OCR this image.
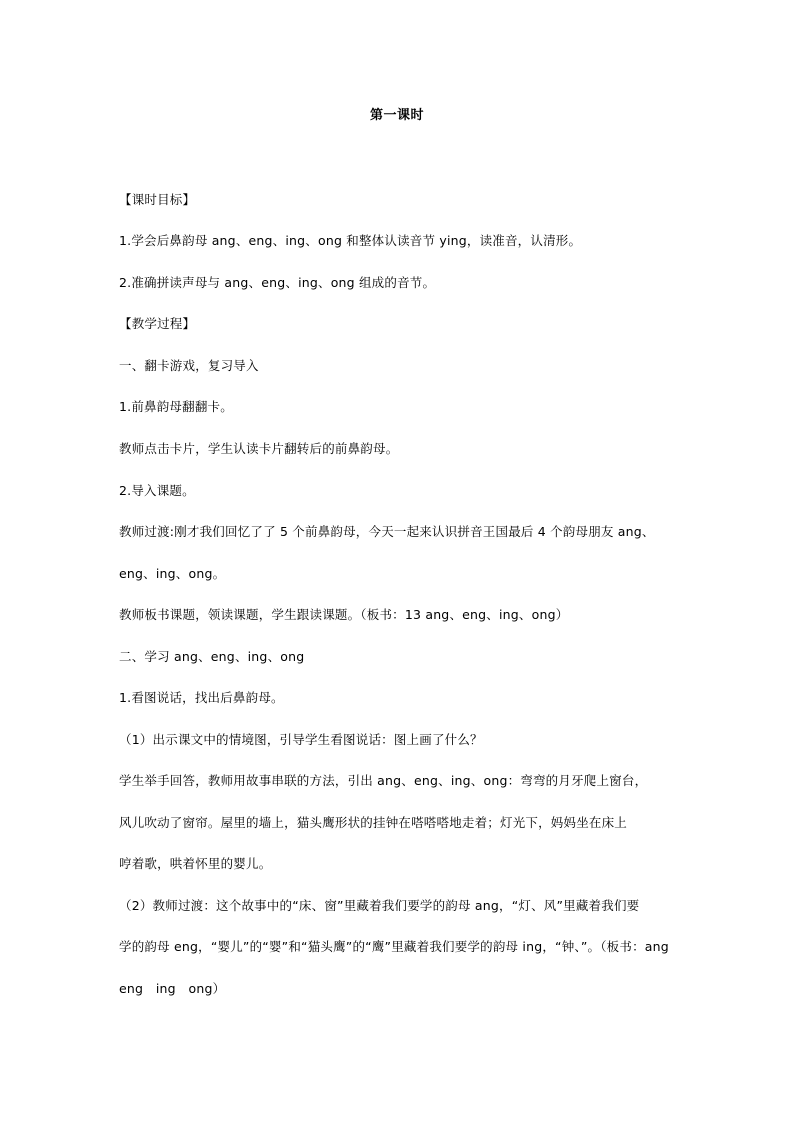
第一课时
【课时目标】
1.学会后鼻韵母 ang、eng、ing、ong 和整体认读音节 ying，读准音，认清形。
2.准确拼读声母与 ang、eng、ing、ong 组成的音节。
【教学过程】
一、翻卡游戏，复习导入
1.前鼻韵母翻翻卡。
教师点击卡片，学生认读卡片翻转后的前鼻韵母。
2.导入课题。
教师过渡:刚才我们回忆了了 5 个前鼻韵母，今天一起来认识拼音王国最后 4 个韵母朋友 ang、
eng、ing、ong。
教师板书课题，领读课题，学生跟读课题。（板书：13 ang、eng、ing、ong）
二、学习 ang、eng、ing、ong
1.看图说话，找出后鼻韵母。
（1）出示课文中的情境图，引导学生看图说话：图上画了什么？
学生举手回答，教师用故事串联的方法，引出 ang、eng、ing、ong：弯弯的月牙爬上窗台，
风儿吹动了窗帘。屋里的墙上，猫头鹰形状的挂钟在嗒嗒嗒地走着；灯光下，妈妈坐在床上
哼着歌，哄着怀里的婴儿。
（2）教师过渡：这个故事中的“床、窗”里藏着我们要学的韵母 ang，“灯、风”里藏着我们要
学的韵母 eng，“婴儿”的“婴”和“猫头鹰”的“鹰”里藏着我们要学的韵母 ing，“钟、”。（板书：ang
eng　ing　ong）
